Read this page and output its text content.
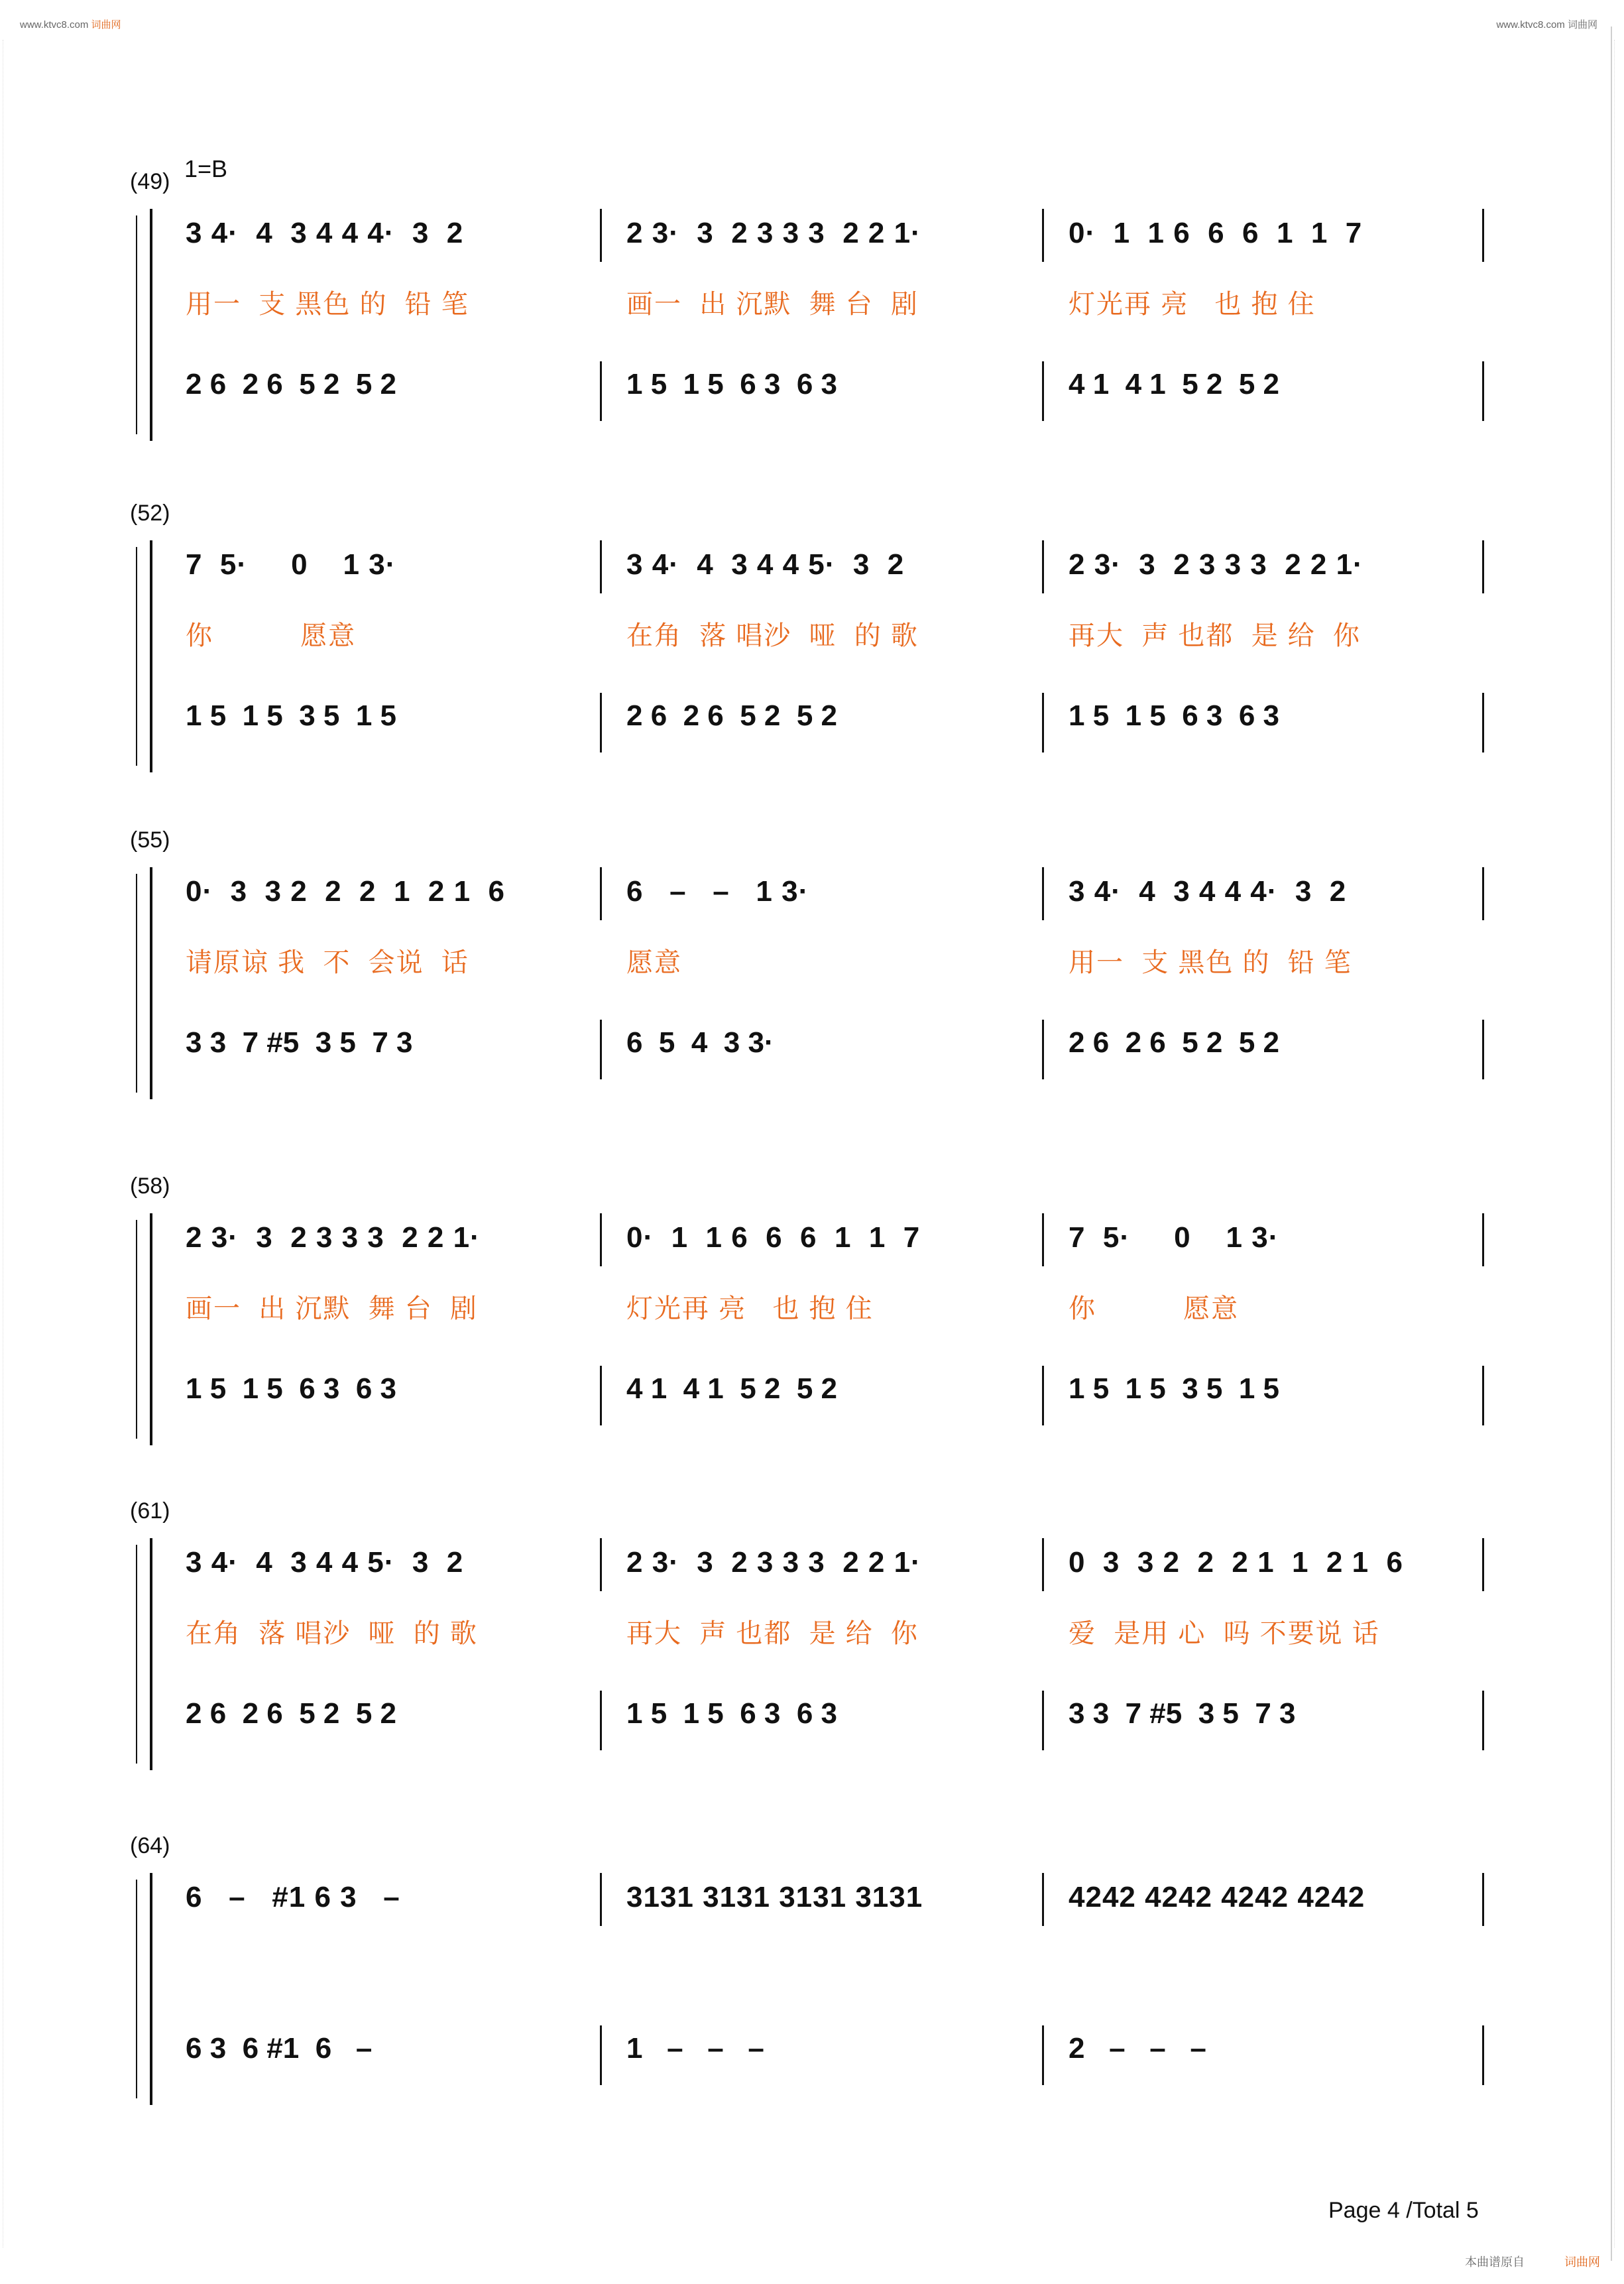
www.ktvc8.com 词曲网	www.ktvc8.com 词曲网
1=B
(49)
3 4·  4  3 4 4 4·  3  2
用一  支 黑色 的  铅 笔
2 6  2 6  5 2  5 2
2 3·  3  2 3 3 3  2 2 1·
画一  出 沉默  舞 台  剧
1 5  1 5  6 3  6 3
0·  1  1 6  6  6  1  1  7
灯光再 亮   也 抱 住
4 1  4 1  5 2  5 2
(52)
7  5·     0    1 3·
你          愿意
1 5  1 5  3 5  1 5
3 4·  4  3 4 4 5·  3  2
在角  落 唱沙  哑  的 歌
2 6  2 6  5 2  5 2
2 3·  3  2 3 3 3  2 2 1·
再大  声 也都  是 给  你
1 5  1 5  6 3  6 3
(55)
0·  3  3 2  2  2  1  2 1  6
请原谅 我  不  会说  话
3 3  7 #5  3 5  7 3
6   –   –   1 3·
愿意
6  5  4  3 3·
3 4·  4  3 4 4 4·  3  2
用一  支 黑色 的  铅 笔
2 6  2 6  5 2  5 2
(58)
2 3·  3  2 3 3 3  2 2 1·
画一  出 沉默  舞 台  剧
1 5  1 5  6 3  6 3
0·  1  1 6  6  6  1  1  7
灯光再 亮   也 抱 住
4 1  4 1  5 2  5 2
7  5·     0    1 3·
你          愿意
1 5  1 5  3 5  1 5
(61)
3 4·  4  3 4 4 5·  3  2
在角  落 唱沙  哑  的 歌
2 6  2 6  5 2  5 2
2 3·  3  2 3 3 3  2 2 1·
再大  声 也都  是 给  你
1 5  1 5  6 3  6 3
0  3  3 2  2  2 1  1  2 1  6
爱  是用 心  吗 不要说 话
3 3  7 #5  3 5  7 3
(64)
6   –   #1 6 3   –
6 3  6 #1  6   –
3131 3131 3131 3131
1   –   –   –
4242 4242 4242 4242
2   –   –   –
Page 4 /Total 5
本曲谱原自	词曲网
